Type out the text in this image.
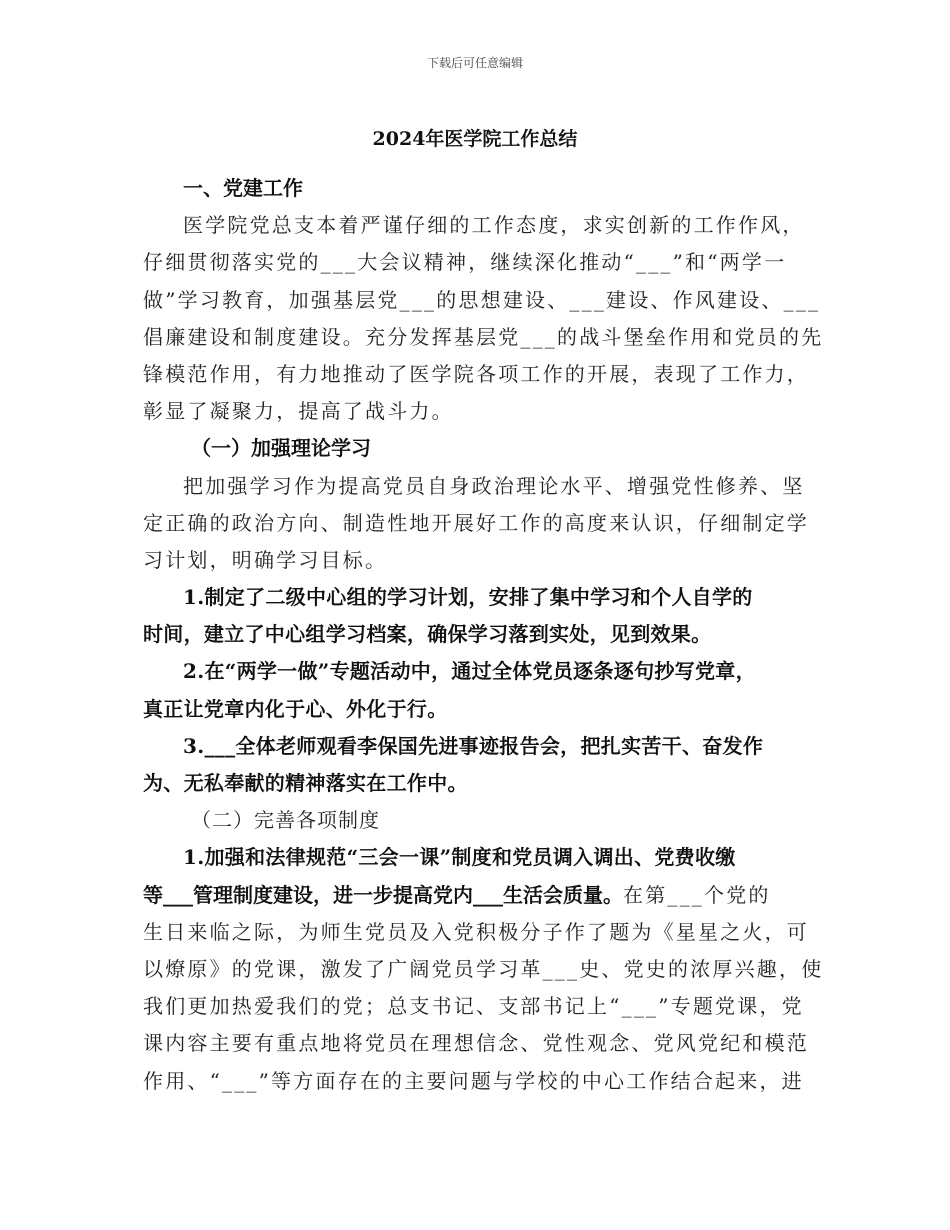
下载后可任意编辑
2024年医学院工作总结
一、党建工作
医学院党总支本着严谨仔细的工作态度，求实创新的工作作风，
仔细贯彻落实党的___大会议精神，继续深化推动“___”和“两学一
做”学习教育，加强基层党___的思想建设、___建设、作风建设、___
倡廉建设和制度建设。充分发挥基层党___的战斗堡垒作用和党员的先
锋模范作用，有力地推动了医学院各项工作的开展，表现了工作力，
彰显了凝聚力，提高了战斗力。
（一）加强理论学习
把加强学习作为提高党员自身政治理论水平、增强党性修养、坚
定正确的政治方向、制造性地开展好工作的高度来认识，仔细制定学
习计划，明确学习目标。
1.制定了二级中心组的学习计划，安排了集中学习和个人自学的
时间，建立了中心组学习档案，确保学习落到实处，见到效果。
2.在“两学一做”专题活动中，通过全体党员逐条逐句抄写党章，
真正让党章内化于心、外化于行。
3.___全体老师观看李保国先进事迹报告会，把扎实苦干、奋发作
为、无私奉献的精神落实在工作中。
（二）完善各项制度
1.加强和法律规范“三会一课”制度和党员调入调出、党费收缴
等___管理制度建设，进一步提高党内___生活会质量。在第___个党的
生日来临之际，为师生党员及入党积极分子作了题为《星星之火，可
以燎原》的党课，激发了广阔党员学习革___史、党史的浓厚兴趣，使
我们更加热爱我们的党；总支书记、支部书记上“___”专题党课，党
课内容主要有重点地将党员在理想信念、党性观念、党风党纪和模范
作用、“___”等方面存在的主要问题与学校的中心工作结合起来，进
